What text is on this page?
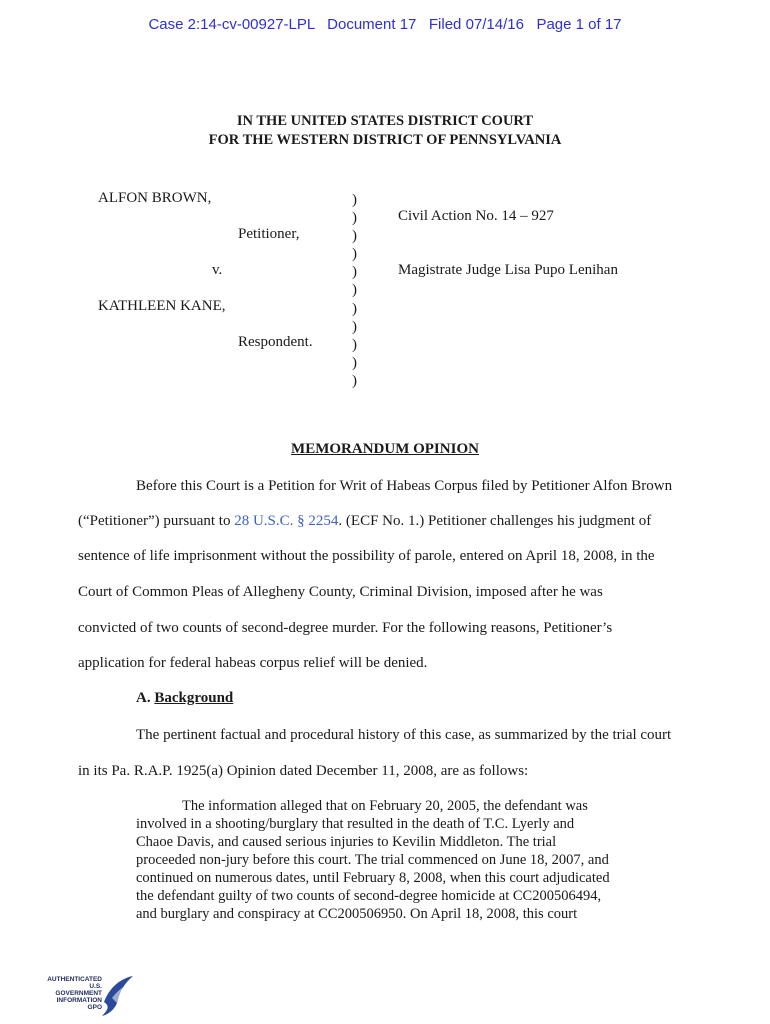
Case 2:14-cv-00927-LPL   Document 17   Filed 07/14/16   Page 1 of 17
IN THE UNITED STATES DISTRICT COURT
FOR THE WESTERN DISTRICT OF PENNSYLVANIA
ALFON BROWN,
Petitioner,
v.
KATHLEEN KANE,
Respondent.
)
)
)
)
)
)
)
)
)
)
)
Civil Action No. 14 – 927
Magistrate Judge Lisa Pupo Lenihan
MEMORANDUM OPINION
Before this Court is a Petition for Writ of Habeas Corpus filed by Petitioner Alfon Brown
(“Petitioner”) pursuant to 28 U.S.C. § 2254. (ECF No. 1.) Petitioner challenges his judgment of
sentence of life imprisonment without the possibility of parole, entered on April 18, 2008, in the
Court of Common Pleas of Allegheny County, Criminal Division, imposed after he was
convicted of two counts of second-degree murder. For the following reasons, Petitioner’s
application for federal habeas corpus relief will be denied.
A. Background
The pertinent factual and procedural history of this case, as summarized by the trial court
in its Pa. R.A.P. 1925(a) Opinion dated December 11, 2008, are as follows:
The information alleged that on February 20, 2005, the defendant was
involved in a shooting/burglary that resulted in the death of T.C. Lyerly and
Chaoe Davis, and caused serious injuries to Kevilin Middleton. The trial
proceeded non-jury before this court. The trial commenced on June 18, 2007, and
continued on numerous dates, until February 8, 2008, when this court adjudicated
the defendant guilty of two counts of second-degree homicide at CC200506494,
and burglary and conspiracy at CC200506950. On April 18, 2008, this court
AUTHENTICATED
U.S. GOVERNMENT
INFORMATION
GPO
